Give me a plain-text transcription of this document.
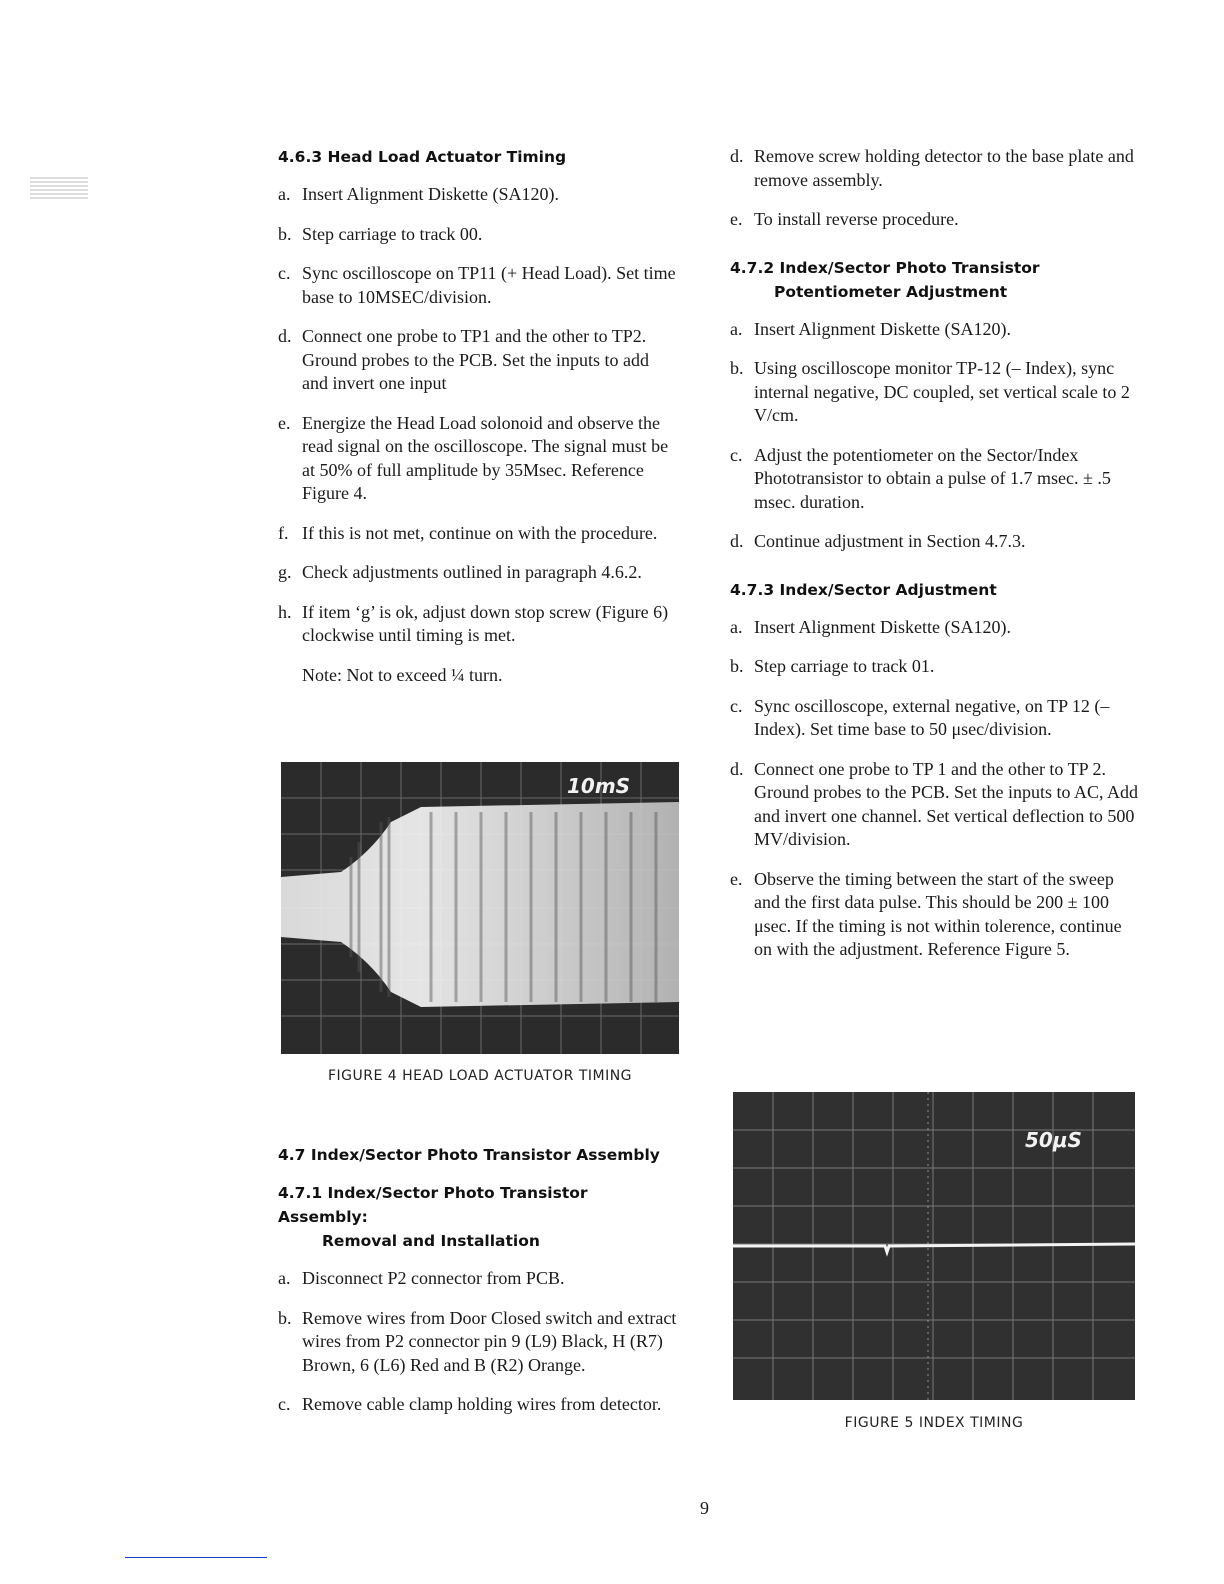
4.6.3 Head Load Actuator Timing
a. Insert Alignment Diskette (SA120).
b. Step carriage to track 00.
c. Sync oscilloscope on TP11 (+ Head Load). Set time base to 10MSEC/division.
d. Connect one probe to TP1 and the other to TP2. Ground probes to the PCB. Set the inputs to add and invert one input
e. Energize the Head Load solonoid and observe the read signal on the oscilloscope. The signal must be at 50% of full amplitude by 35Msec. Reference Figure 4.
f. If this is not met, continue on with the procedure.
g. Check adjustments outlined in paragraph 4.6.2.
h. If item ‘g’ is ok, adjust down stop screw (Figure 6) clockwise until timing is met.
Note: Not to exceed ¼ turn.
10mS
FIGURE 4 HEAD LOAD ACTUATOR TIMING
4.7 Index/Sector Photo Transistor Assembly
4.7.1 Index/Sector Photo Transistor Assembly:
Removal and Installation
a. Disconnect P2 connector from PCB.
b. Remove wires from Door Closed switch and extract wires from P2 connector pin 9 (L9) Black, H (R7) Brown, 6 (L6) Red and B (R2) Orange.
c. Remove cable clamp holding wires from detector.
d. Remove screw holding detector to the base plate and remove assembly.
e. To install reverse procedure.
4.7.2 Index/Sector Photo Transistor
Potentiometer Adjustment
a. Insert Alignment Diskette (SA120).
b. Using oscilloscope monitor TP-12 (– Index), sync internal negative, DC coupled, set vertical scale to 2 V/cm.
c. Adjust the potentiometer on the Sector/Index Phototransistor to obtain a pulse of 1.7 msec. ± .5 msec. duration.
d. Continue adjustment in Section 4.7.3.
4.7.3 Index/Sector Adjustment
a. Insert Alignment Diskette (SA120).
b. Step carriage to track 01.
c. Sync oscilloscope, external negative, on TP 12 (– Index). Set time base to 50 μsec/division.
d. Connect one probe to TP 1 and the other to TP 2. Ground probes to the PCB. Set the inputs to AC, Add and invert one channel. Set vertical deflection to 500 MV/division.
e. Observe the timing between the start of the sweep and the first data pulse. This should be 200 ± 100 μsec. If the timing is not within tolerence, continue on with the adjustment. Reference Figure 5.
50μS
FIGURE 5 INDEX TIMING
9
